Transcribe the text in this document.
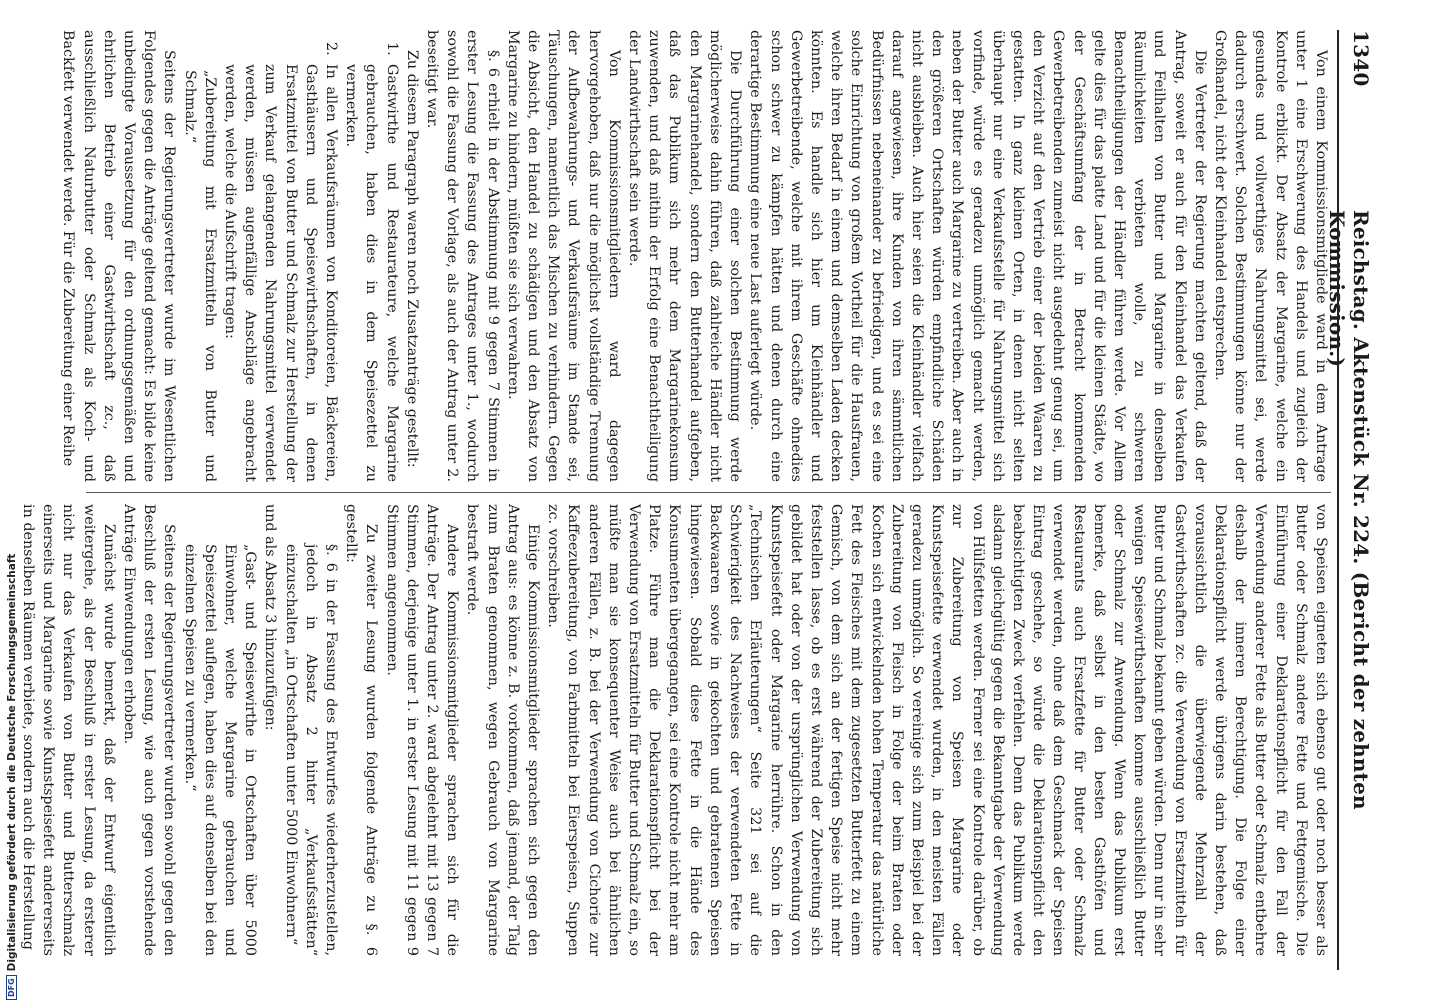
1340
Reichstag. Aktenstück Nr. 224. (Bericht der zehnten Kommission.)

Von einem Kommissionsmitgliede ward in dem Antrage unter 1 eine Erschwerung des Handels und zugleich der Kontrole erblickt. Der Absatz der Margarine, welche ein gesundes und vollwerthiges Nahrungsmittel sei, werde dadurch erschwert. Solchen Bestimmungen könne nur der Großhandel, nicht der Kleinhandel entsprechen.

Die Vertreter der Regierung machten geltend, daß der Antrag, soweit er auch für den Kleinhandel das Verkaufen und Feilhalten von Butter und Margarine in denselben Räumlichkeiten verbieten wolle, zu schweren Benachtheiligungen der Händler führen werde. Vor Allem gelte dies für das platte Land und für die kleinen Städte, wo der Geschäftsumfang der in Betracht kommenden Gewerbetreibenden zumeist nicht ausgedehnt genug sei, um den Verzicht auf den Vertrieb einer der beiden Waaren zu gestatten. In ganz kleinen Orten, in denen nicht selten überhaupt nur eine Verkaufsstelle für Nahrungsmittel sich vorfinde, würde es geradezu unmöglich gemacht werden, neben der Butter auch Margarine zu vertreiben. Aber auch in den größeren Ortschaften würden empfindliche Schäden nicht ausbleiben. Auch hier seien die Kleinhändler vielfach darauf angewiesen, ihre Kunden von ihren sämmtlichen Bedürfnissen nebeneinander zu befriedigen, und es sei eine solche Einrichtung von großem Vortheil für die Hausfrauen, welche ihren Bedarf in einem und demselben Laden decken könnten. Es handle sich hier um Kleinhändler und Gewerbetreibende, welche mit ihrem Geschäfte ohnedies schon schwer zu kämpfen hätten und denen durch eine derartige Bestimmung eine neue Last auferlegt würde.

Die Durchführung einer solchen Bestimmung werde möglicherweise dahin führen, daß zahlreiche Händler nicht den Margarinehandel, sondern den Butterhandel aufgeben, daß das Publikum sich mehr dem Margarinekonsum zuwenden, und daß mithin der Erfolg eine Benachtheiligung der Landwirthschaft sein werde.

Von Kommissionsmitgliedern ward dagegen hervorgehoben, daß nur die möglichst vollständige Trennung der Aufbewahrungs- und Verkaufsräume im Stande sei, Täuschungen, namentlich das Mischen zu verhindern. Gegen die Absicht, den Handel zu schädigen und den Absatz von Margarine zu hindern, müßten sie sich verwahren.

§. 6 erhielt in der Abstimmung mit 9 gegen 7 Stimmen in erster Lesung die Fassung des Antrages unter 1., wodurch sowohl die Fassung der Vorlage, als auch der Antrag unter 2. beseitigt war.

Zu diesem Paragraph waren noch Zusatzanträge gestellt:

1.
Gastwirthe und Restaurateure, welche Margarine gebrauchen, haben dies in dem Speisezettel zu vermerken.

2.
In allen Verkaufsräumen von Konditoreien, Bäckereien, Gasthäusern und Speisewirthschaften, in denen Ersatzmittel von Butter und Schmalz zur Herstellung der zum Verkauf gelangenden Nahrungsmittel verwendet werden, müssen augenfällige Anschläge angebracht werden, welche die Aufschrift tragen:

„Zubereitung mit Ersatzmitteln von Butter und Schmalz.“

Seitens der Regierungsvertreter wurde im Wesentlichen Folgendes gegen die Anträge geltend gemacht: Es bilde keine unbedingte Voraussetzung für den ordnungsgemäßen und ehrlichen Betrieb einer Gastwirthschaft zc., daß ausschließlich Naturbutter oder Schmalz als Koch- und Backfett verwendet werde. Für die Zubereitung einer Reihe

von Speisen eigneten sich ebenso gut oder noch besser als Butter oder Schmalz andere Fette und Fettgemische. Die Einführung einer Deklarationspflicht für den Fall der Verwendung anderer Fette als Butter oder Schmalz entbehre deshalb der inneren Berechtigung. Die Folge einer Deklarationspflicht werde übrigens darin bestehen, daß voraussichtlich die überwiegende Mehrzahl der Gastwirthschaften zc. die Verwendung von Ersatzmitteln für Butter und Schmalz bekannt geben würden. Denn nur in sehr wenigen Speisewirthschaften komme ausschließlich Butter oder Schmalz zur Anwendung. Wenn das Publikum erst bemerke, daß selbst in den besten Gasthöfen und Restaurants auch Ersatzfette für Butter oder Schmalz verwendet werden, ohne daß dem Geschmack der Speisen Eintrag geschehe, so würde die Deklarationspflicht den beabsichtigten Zweck verfehlen. Denn das Publikum werde alsdann gleichgültig gegen die Bekanntgabe der Verwendung von Hülfsfetten werden. Ferner sei eine Kontrole darüber, ob zur Zubereitung von Speisen Margarine oder Kunstspeisefette verwendet wurden, in den meisten Fällen geradezu unmöglich. So vereinige sich zum Beispiel bei der Zubereitung von Fleisch in Folge der beim Braten oder Kochen sich entwickelnden hohen Temperatur das natürliche Fett des Fleisches mit dem zugesetzten Butterfett zu einem Gemisch, von dem sich an der fertigen Speise nicht mehr feststellen lasse, ob es erst während der Zubereitung sich gebildet hat oder von der ursprünglichen Verwendung von Kunstspeisefett oder Margarine herrühre. Schon in den „Technischen Erläuterungen“ Seite 321 sei auf die Schwierigkeit des Nachweises der verwendeten Fette in Backwaaren sowie in gekochten und gebratenen Speisen hingewiesen. Sobald diese Fette in die Hände des Konsumenten übergegangen, sei eine Kontrole nicht mehr am Platze. Führe man die Deklarationspflicht bei der Verwendung von Ersatzmitteln für Butter und Schmalz ein, so müßte man sie konsequenter Weise auch bei ähnlichen anderen Fällen, z. B. bei der Verwendung von Cichorie zur Kaffeezubereitung, von Farbmitteln bei Eierspeisen, Suppen zc. vorschreiben.

Einige Kommissionsmitglieder sprachen sich gegen den Antrag aus: es könne z. B. vorkommen, daß jemand, der Talg zum Braten genommen, wegen Gebrauch von Margarine bestraft werde.

Andere Kommissionsmitglieder sprachen sich für die Anträge. Der Antrag unter 2. ward abgelehnt mit 13 gegen 7 Stimmen, derjenige unter 1. in erster Lesung mit 11 gegen 9 Stimmen angenommen.

Zu zweiter Lesung wurden folgende Anträge zu §. 6 gestellt:

§. 6 in der Fassung des Entwurfes wiederherzustellen, jedoch in Absatz 2 hinter „Verkaufsstätten“ einzuschalten „in Ortschaften unter 5000 Einwohnern“

und als Absatz 3 hinzuzufügen:

„Gast- und Speisewirthe in Ortschaften über 5000 Einwohner, welche Margarine gebrauchen und Speisezettel auflegen, haben dies auf denselben bei den einzelnen Speisen zu vermerken.“

Seitens der Regierungsvertreter wurden sowohl gegen den Beschluß der ersten Lesung, wie auch gegen vorstehende Anträge Einwendungen erhoben.

Zunächst wurde bemerkt, daß der Entwurf eigentlich weitergehe, als der Beschluß in erster Lesung, da ersterer nicht nur das Verkaufen von Butter und Butterschmalz einerseits und Margarine sowie Kunstspeisefett andererseits in denselben Räumen verbiete, sondern auch die Herstellung

DFGDigitalisierung gefördert durch die Deutsche Forschungsgemeinschaft
